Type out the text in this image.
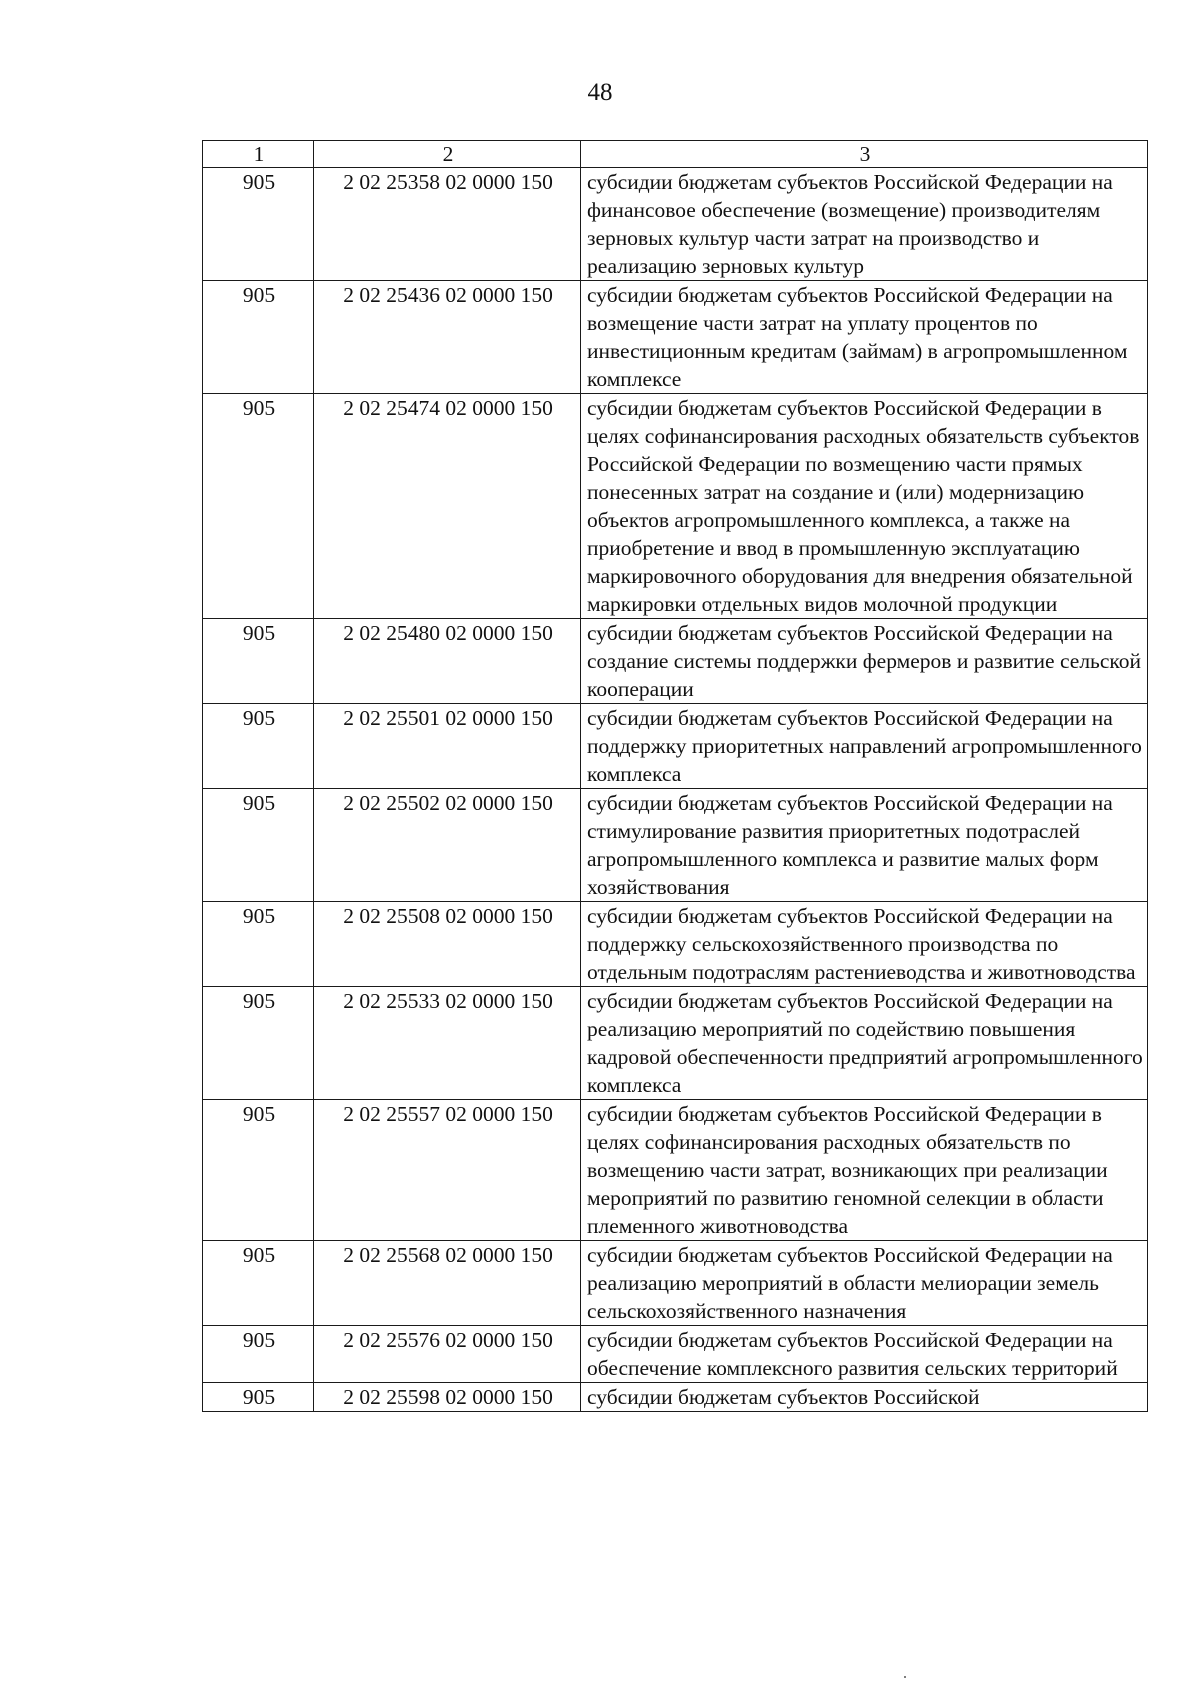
48
1	2	3
905	2 02 25358 02 0000 150	субсидии бюджетам субъектов Российской Федерации на финансовое обеспечение (возмещение) производителям зерновых культур части затрат на производство и реализацию зерновых культур
905	2 02 25436 02 0000 150	субсидии бюджетам субъектов Российской Федерации на возмещение части затрат на уплату процентов по инвестиционным кредитам (займам) в агропромышленном комплексе
905	2 02 25474 02 0000 150	субсидии бюджетам субъектов Российской Федерации в целях софинансирования расходных обязательств субъектов Российской Федерации по возмещению части прямых понесенных затрат на создание и (или) модернизацию объектов агропромышленного комплекса, а также на приобретение и ввод в промышленную эксплуатацию маркировочного оборудования для внедрения обязательной маркировки отдельных видов молочной продукции
905	2 02 25480 02 0000 150	субсидии бюджетам субъектов Российской Федерации на создание системы поддержки фермеров и развитие сельской кооперации
905	2 02 25501 02 0000 150	субсидии бюджетам субъектов Российской Федерации на поддержку приоритетных направлений агропромышленного комплекса
905	2 02 25502 02 0000 150	субсидии бюджетам субъектов Российской Федерации на стимулирование развития приоритетных подотраслей агропромышленного комплекса и развитие малых форм хозяйствования
905	2 02 25508 02 0000 150	субсидии бюджетам субъектов Российской Федерации на поддержку сельскохозяйственного производства по отдельным подотраслям растениеводства и животноводства
905	2 02 25533 02 0000 150	субсидии бюджетам субъектов Российской Федерации на реализацию мероприятий по содействию повышения кадровой обеспеченности предприятий агропромышленного комплекса
905	2 02 25557 02 0000 150	субсидии бюджетам субъектов Российской Федерации в целях софинансирования расходных обязательств по возмещению части затрат, возникающих при реализации мероприятий по развитию геномной селекции в области племенного животноводства
905	2 02 25568 02 0000 150	субсидии бюджетам субъектов Российской Федерации на реализацию мероприятий в области мелиорации земель сельскохозяйственного назначения
905	2 02 25576 02 0000 150	субсидии бюджетам субъектов Российской Федерации на обеспечение комплексного развития сельских территорий
905	2 02 25598 02 0000 150	субсидии бюджетам субъектов Российской
